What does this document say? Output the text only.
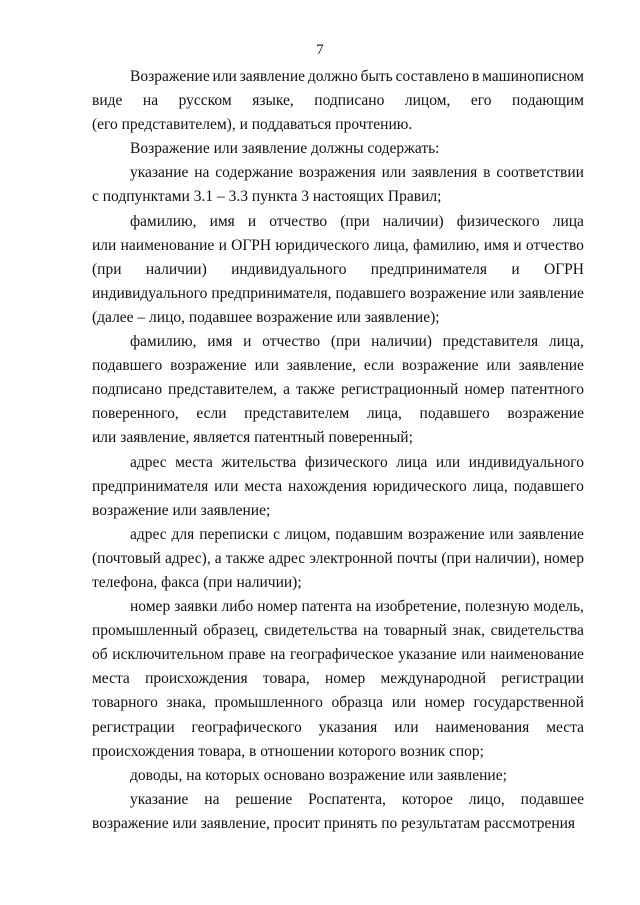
7
Возражение или заявление должно быть составлено в машинописном
виде на русском языке, подписано лицом, его подающим
(его представителем), и поддаваться прочтению.
Возражение или заявление должны содержать:
указание на содержание возражения или заявления в соответствии
с подпунктами 3.1 – 3.3 пункта 3 настоящих Правил;
фамилию, имя и отчество (при наличии) физического лица
или наименование и ОГРН юридического лица, фамилию, имя и отчество
(при наличии) индивидуального предпринимателя и ОГРН
индивидуального предпринимателя, подавшего возражение или заявление
(далее – лицо, подавшее возражение или заявление);
фамилию, имя и отчество (при наличии) представителя лица,
подавшего возражение или заявление, если возражение или заявление
подписано представителем, а также регистрационный номер патентного
поверенного, если представителем лица, подавшего возражение
или заявление, является патентный поверенный;
адрес места жительства физического лица или индивидуального
предпринимателя или места нахождения юридического лица, подавшего
возражение или заявление;
адрес для переписки с лицом, подавшим возражение или заявление
(почтовый адрес), а также адрес электронной почты (при наличии), номер
телефона, факса (при наличии);
номер заявки либо номер патента на изобретение, полезную модель,
промышленный образец, свидетельства на товарный знак, свидетельства
об исключительном праве на географическое указание или наименование
места происхождения товара, номер международной регистрации
товарного знака, промышленного образца или номер государственной
регистрации географического указания или наименования места
происхождения товара, в отношении которого возник спор;
доводы, на которых основано возражение или заявление;
указание на решение Роспатента, которое лицо, подавшее
возражение или заявление, просит принять по результатам рассмотрения
